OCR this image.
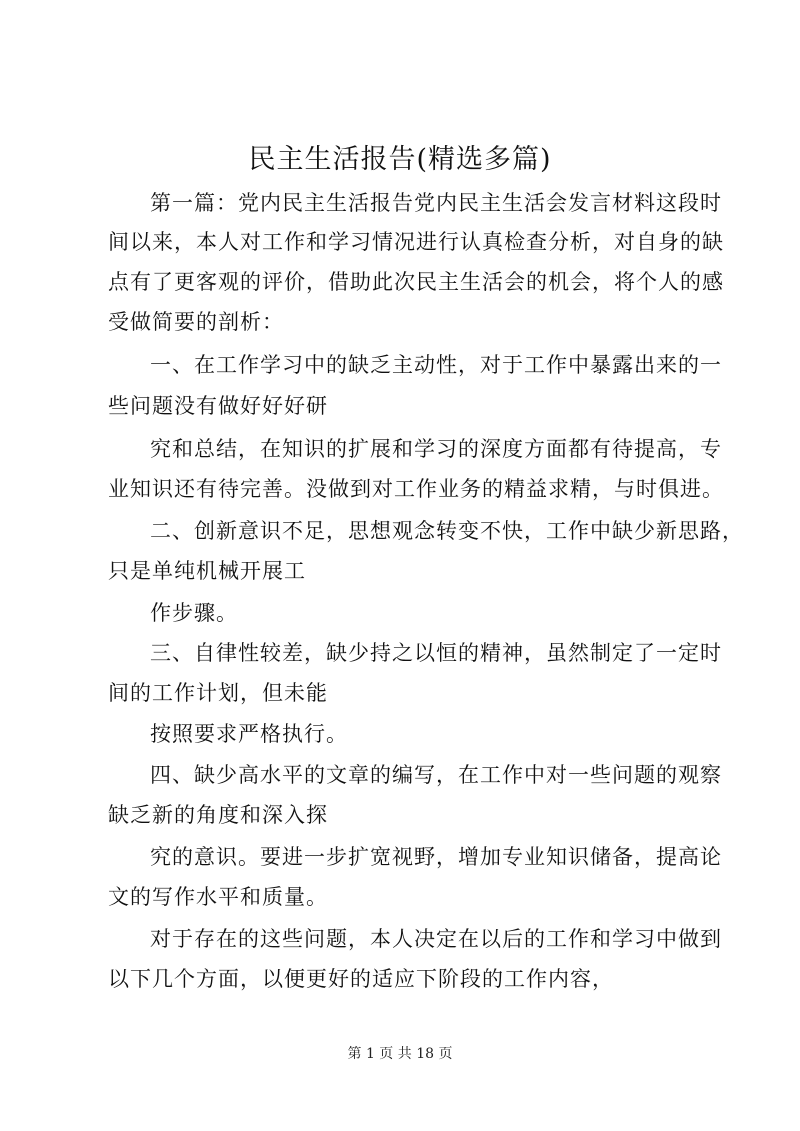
民主生活报告(精选多篇)
第一篇：党内民主生活报告党内民主生活会发言材料这段时
间以来，本人对工作和学习情况进行认真检查分析，对自身的缺
点有了更客观的评价，借助此次民主生活会的机会，将个人的感
受做简要的剖析：
一、在工作学习中的缺乏主动性，对于工作中暴露出来的一
些问题没有做好好好研
究和总结，在知识的扩展和学习的深度方面都有待提高，专
业知识还有待完善。没做到对工作业务的精益求精，与时俱进。
二、创新意识不足，思想观念转变不快，工作中缺少新思路，
只是单纯机械开展工
作步骤。
三、自律性较差，缺少持之以恒的精神，虽然制定了一定时
间的工作计划，但未能
按照要求严格执行。
四、缺少高水平的文章的编写，在工作中对一些问题的观察
缺乏新的角度和深入探
究的意识。要进一步扩宽视野，增加专业知识储备，提高论
文的写作水平和质量。
对于存在的这些问题，本人决定在以后的工作和学习中做到
以下几个方面，以便更好的适应下阶段的工作内容，
第 1 页 共 18 页
